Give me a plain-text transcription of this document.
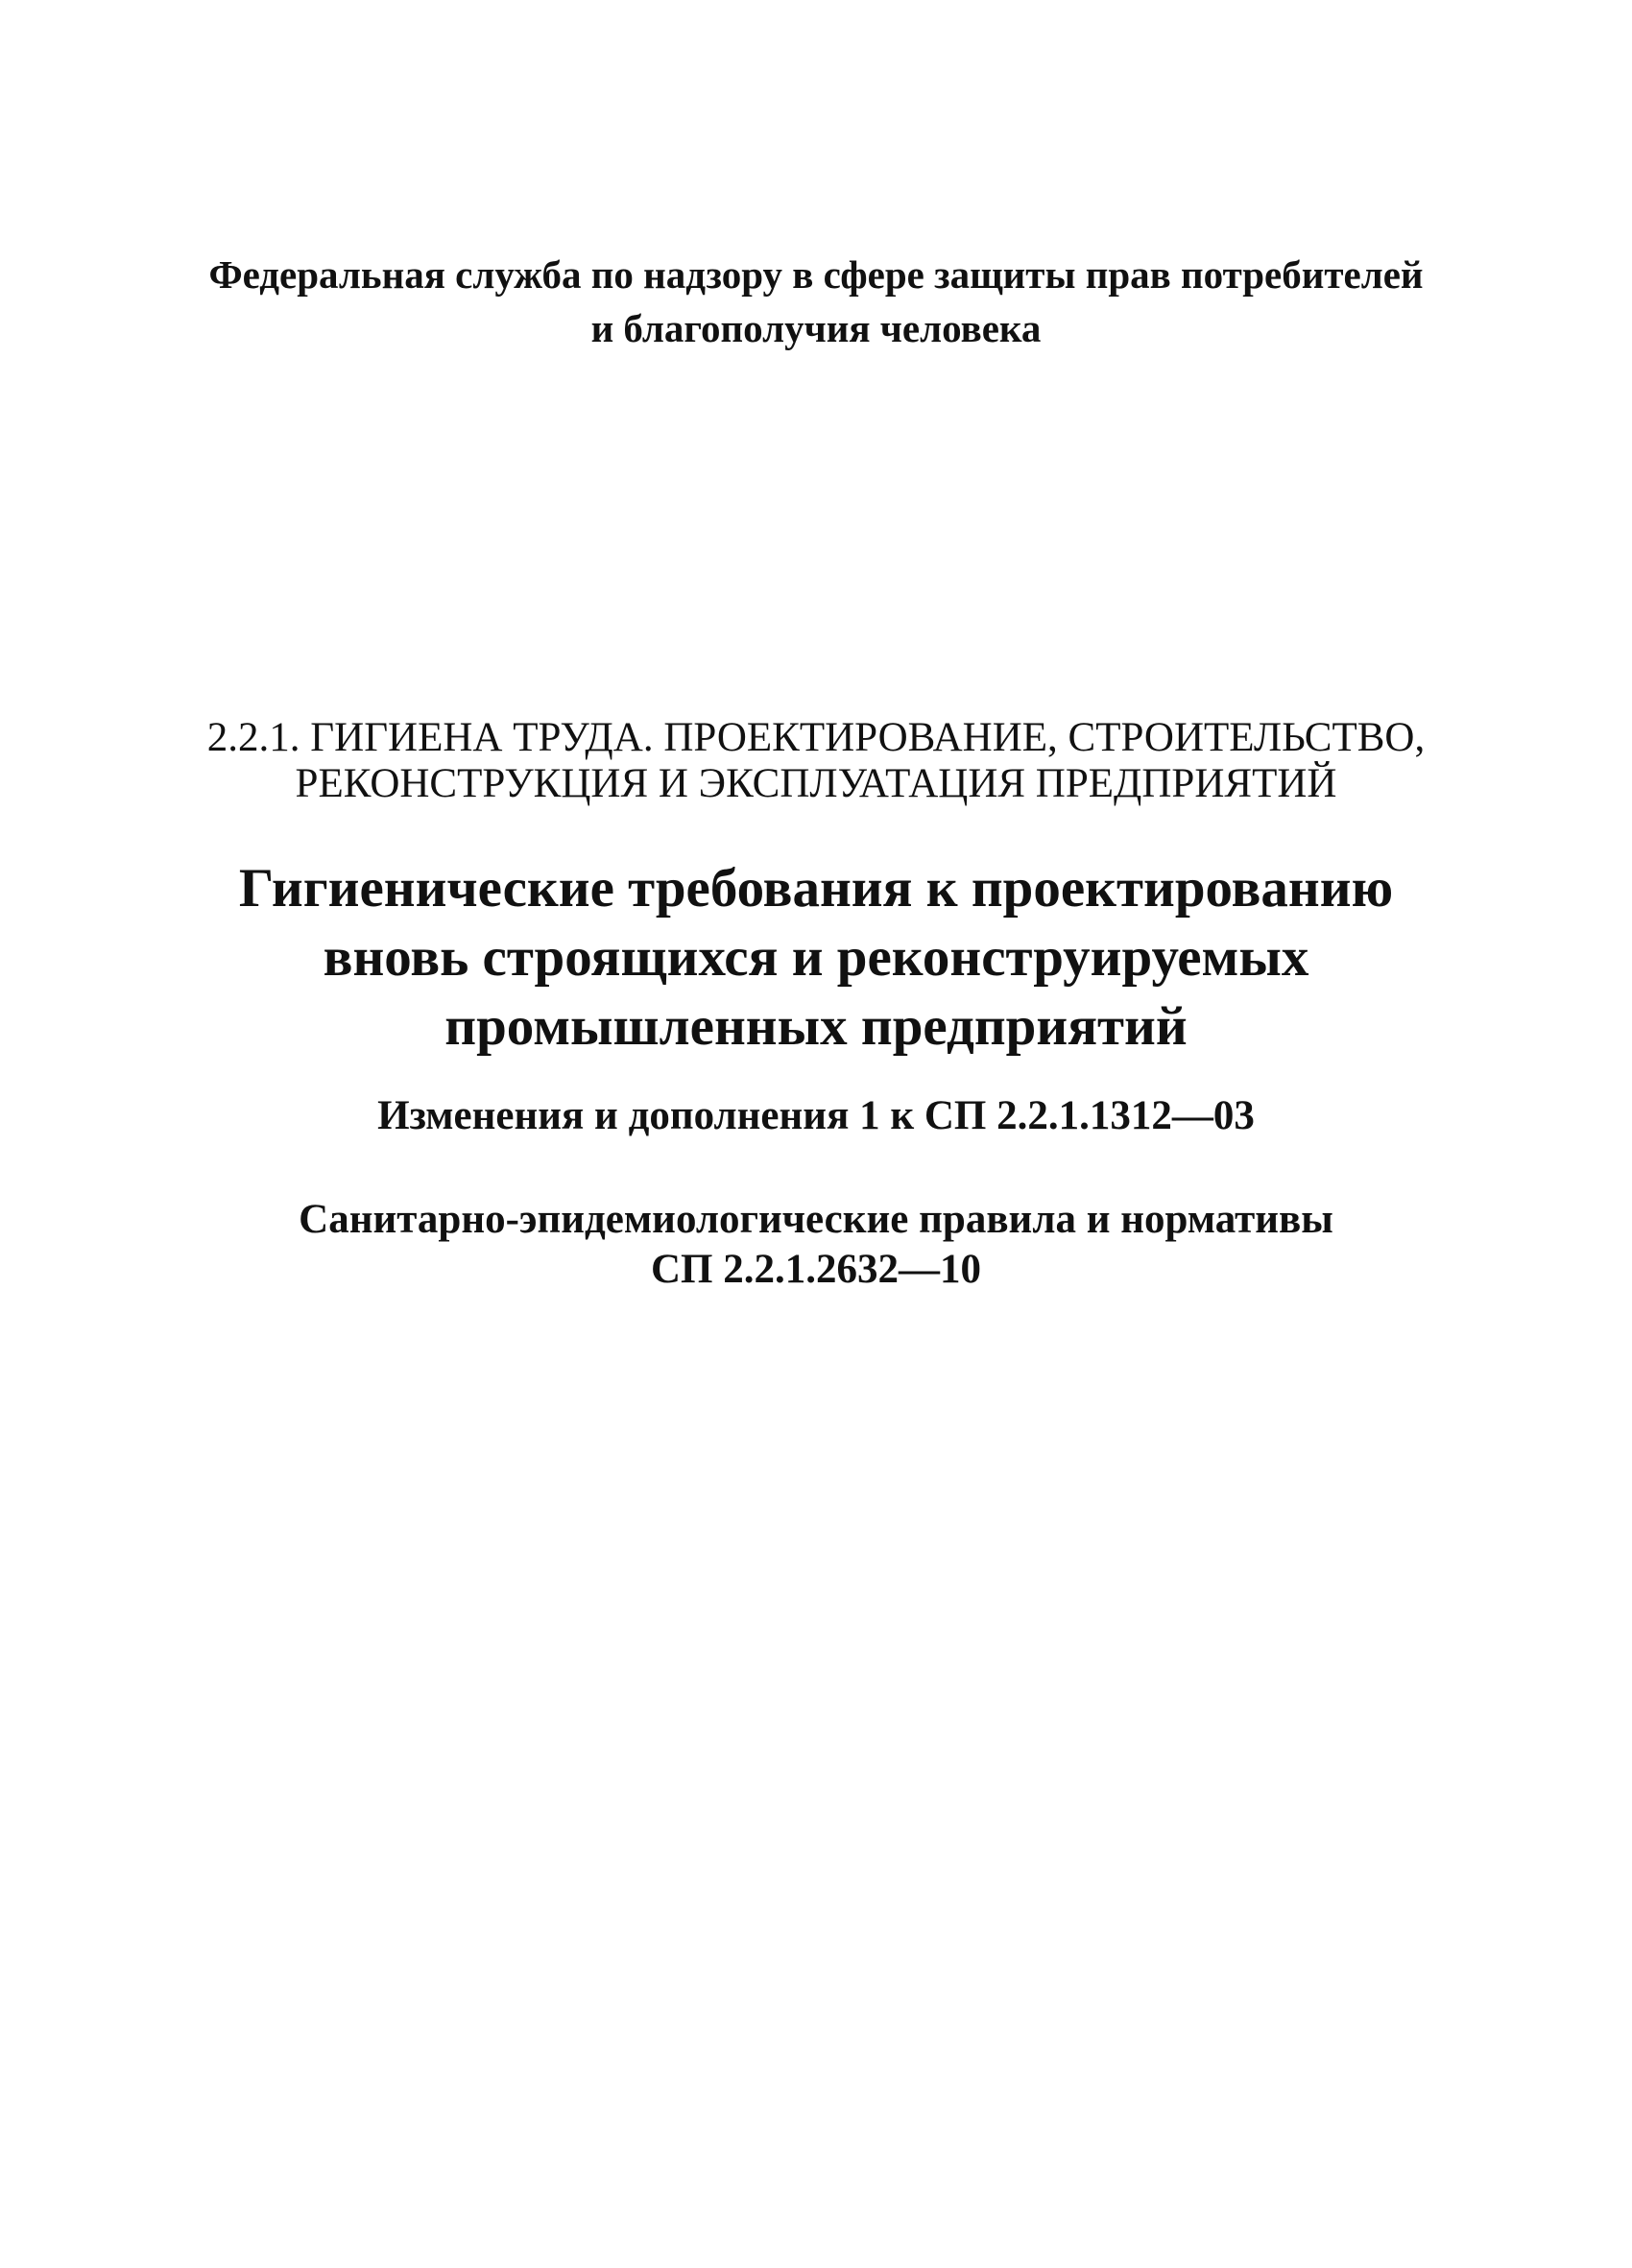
Федеральная служба по надзору в сфере защиты прав потребителей
и благополучия человека
2.2.1. ГИГИЕНА ТРУДА. ПРОЕКТИРОВАНИЕ, СТРОИТЕЛЬСТВО,
РЕКОНСТРУКЦИЯ И ЭКСПЛУАТАЦИЯ ПРЕДПРИЯТИЙ
Гигиенические требования к проектированию
вновь строящихся и реконструируемых
промышленных предприятий
Изменения и дополнения 1 к СП 2.2.1.1312—03
Санитарно-эпидемиологические правила и нормативы
СП 2.2.1.2632—10
